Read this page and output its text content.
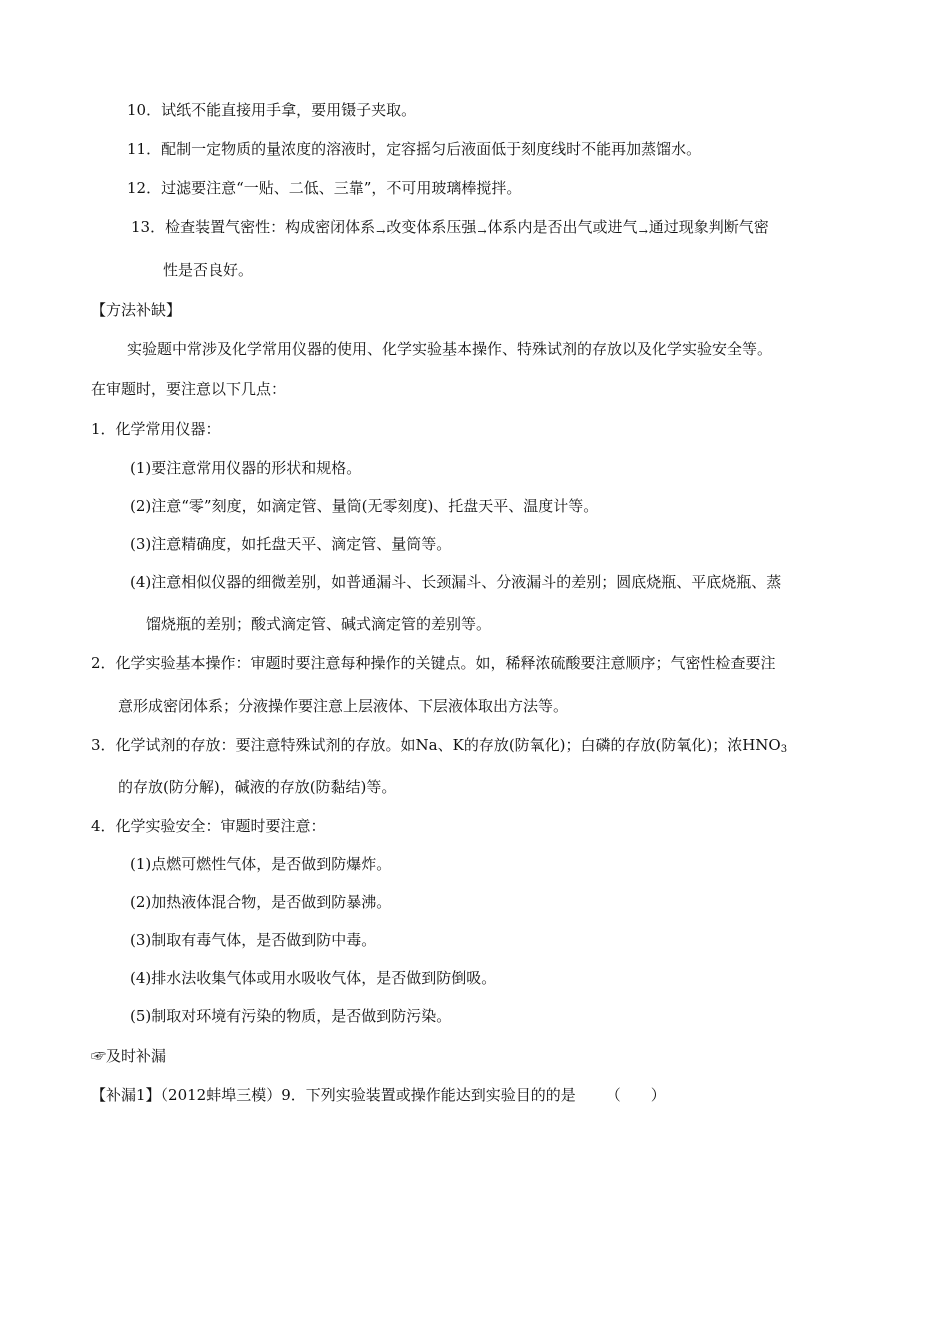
10．试纸不能直接用手拿，要用镊子夹取。
11．配制一定物质的量浓度的溶液时，定容摇匀后液面低于刻度线时不能再加蒸馏水。
12．过滤要注意“一贴、二低、三靠”，不可用玻璃棒搅拌。
13．检查装置气密性：构成密闭体系$_\to$改变体系压强$_\to$体系内是否出气或进气$_\to$通过现象判断气密
性是否良好。
【方法补缺】
实验题中常涉及化学常用仪器的使用、化学实验基本操作、特殊试剂的存放以及化学实验安全等。
在审题时，要注意以下几点：
1．化学常用仪器：
(1)要注意常用仪器的形状和规格。
(2)注意“零”刻度，如滴定管、量筒(无零刻度)、托盘天平、温度计等。
(3)注意精确度，如托盘天平、滴定管、量筒等。
(4)注意相似仪器的细微差别，如普通漏斗、长颈漏斗、分液漏斗的差别；圆底烧瓶、平底烧瓶、蒸
馏烧瓶的差别；酸式滴定管、碱式滴定管的差别等。
2．化学实验基本操作：审题时要注意每种操作的关键点。如，稀释浓硫酸要注意顺序；气密性检查要注
意形成密闭体系；分液操作要注意上层液体、下层液体取出方法等。
3．化学试剂的存放：要注意特殊试剂的存放。如Na、K的存放(防氧化)；白磷的存放(防氧化)；浓$HNO_3$
的存放(防分解)，碱液的存放(防黏结)等。
4．化学实验安全：审题时要注意：
(1)点燃可燃性气体，是否做到防爆炸。
(2)加热液体混合物，是否做到防暴沸。
(3)制取有毒气体，是否做到防中毒。
(4)排水法收集气体或用水吸收气体，是否做到防倒吸。
(5)制取对环境有污染的物质，是否做到防污染。
☞及时补漏
【补漏1】（2012蚌埠三模）9．下列实验装置或操作能达到实验目的的是 （　　）
